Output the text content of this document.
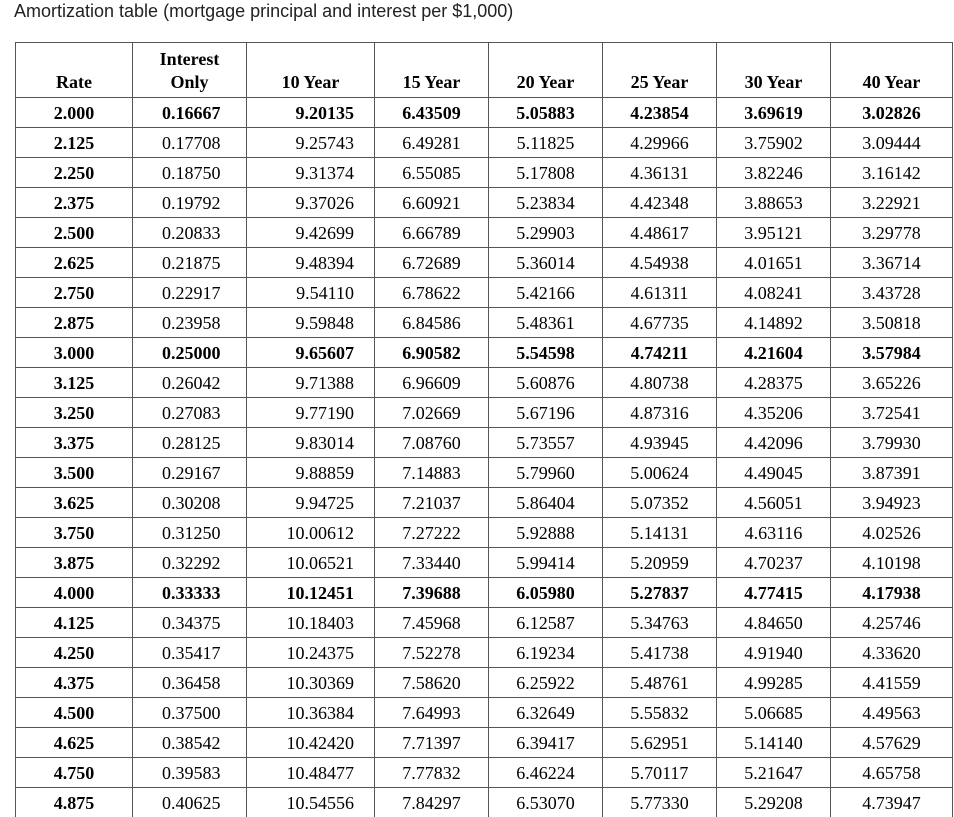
Amortization table (mortgage principal and interest per $1,000)
Rate	Interest Only	10 Year	15 Year	20 Year	25 Year	30 Year	40 Year
2.000	0.16667	9.20135	6.43509	5.05883	4.23854	3.69619	3.02826
2.125	0.17708	9.25743	6.49281	5.11825	4.29966	3.75902	3.09444
2.250	0.18750	9.31374	6.55085	5.17808	4.36131	3.82246	3.16142
2.375	0.19792	9.37026	6.60921	5.23834	4.42348	3.88653	3.22921
2.500	0.20833	9.42699	6.66789	5.29903	4.48617	3.95121	3.29778
2.625	0.21875	9.48394	6.72689	5.36014	4.54938	4.01651	3.36714
2.750	0.22917	9.54110	6.78622	5.42166	4.61311	4.08241	3.43728
2.875	0.23958	9.59848	6.84586	5.48361	4.67735	4.14892	3.50818
3.000	0.25000	9.65607	6.90582	5.54598	4.74211	4.21604	3.57984
3.125	0.26042	9.71388	6.96609	5.60876	4.80738	4.28375	3.65226
3.250	0.27083	9.77190	7.02669	5.67196	4.87316	4.35206	3.72541
3.375	0.28125	9.83014	7.08760	5.73557	4.93945	4.42096	3.79930
3.500	0.29167	9.88859	7.14883	5.79960	5.00624	4.49045	3.87391
3.625	0.30208	9.94725	7.21037	5.86404	5.07352	4.56051	3.94923
3.750	0.31250	10.00612	7.27222	5.92888	5.14131	4.63116	4.02526
3.875	0.32292	10.06521	7.33440	5.99414	5.20959	4.70237	4.10198
4.000	0.33333	10.12451	7.39688	6.05980	5.27837	4.77415	4.17938
4.125	0.34375	10.18403	7.45968	6.12587	5.34763	4.84650	4.25746
4.250	0.35417	10.24375	7.52278	6.19234	5.41738	4.91940	4.33620
4.375	0.36458	10.30369	7.58620	6.25922	5.48761	4.99285	4.41559
4.500	0.37500	10.36384	7.64993	6.32649	5.55832	5.06685	4.49563
4.625	0.38542	10.42420	7.71397	6.39417	5.62951	5.14140	4.57629
4.750	0.39583	10.48477	7.77832	6.46224	5.70117	5.21647	4.65758
4.875	0.40625	10.54556	7.84297	6.53070	5.77330	5.29208	4.73947
